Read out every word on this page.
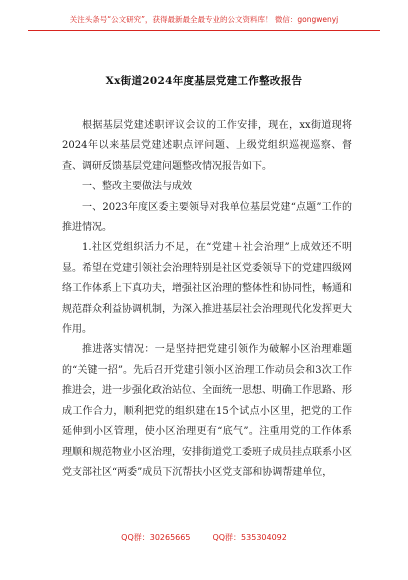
关注头条号“公文研究”，获得最新最全最专业的公文资料库！ 微信：gongwenyj
Xx街道2024年度基层党建工作整改报告

根据基层党建述职评议会议的工作安排，现在，xx街道现将2024年以来基层党建述职点评问题、上级党组织巡视巡察、督查、调研反馈基层党建问题整改情况报告如下。

一、整改主要做法与成效

一、2023年度区委主要领导对我单位基层党建“点题”工作的推进情况。

1.社区党组织活力不足，在“党建＋社会治理”上成效还不明显。希望在党建引领社会治理特别是社区党委领导下的党建四级网络工作体系上下真功夫，增强社区治理的整体性和协同性，畅通和规范群众利益协调机制，为深入推进基层社会治理现代化发挥更大作用。

推进落实情况：一是坚持把党建引领作为破解小区治理难题的“关键一招”。先后召开党建引领小区治理工作动员会和3次工作推进会，进一步强化政治站位、全面统一思想、明确工作思路、形成工作合力，顺利把党的组织建在15个试点小区里，把党的工作延伸到小区管理，使小区治理更有“底气”。注重用党的工作体系理顺和规范物业小区治理，安排街道党工委班子成员挂点联系小区党支部社区“两委”成员下沉帮扶小区党支部和协调帮建单位，

QQ群：30265665	QQ群：535304092
